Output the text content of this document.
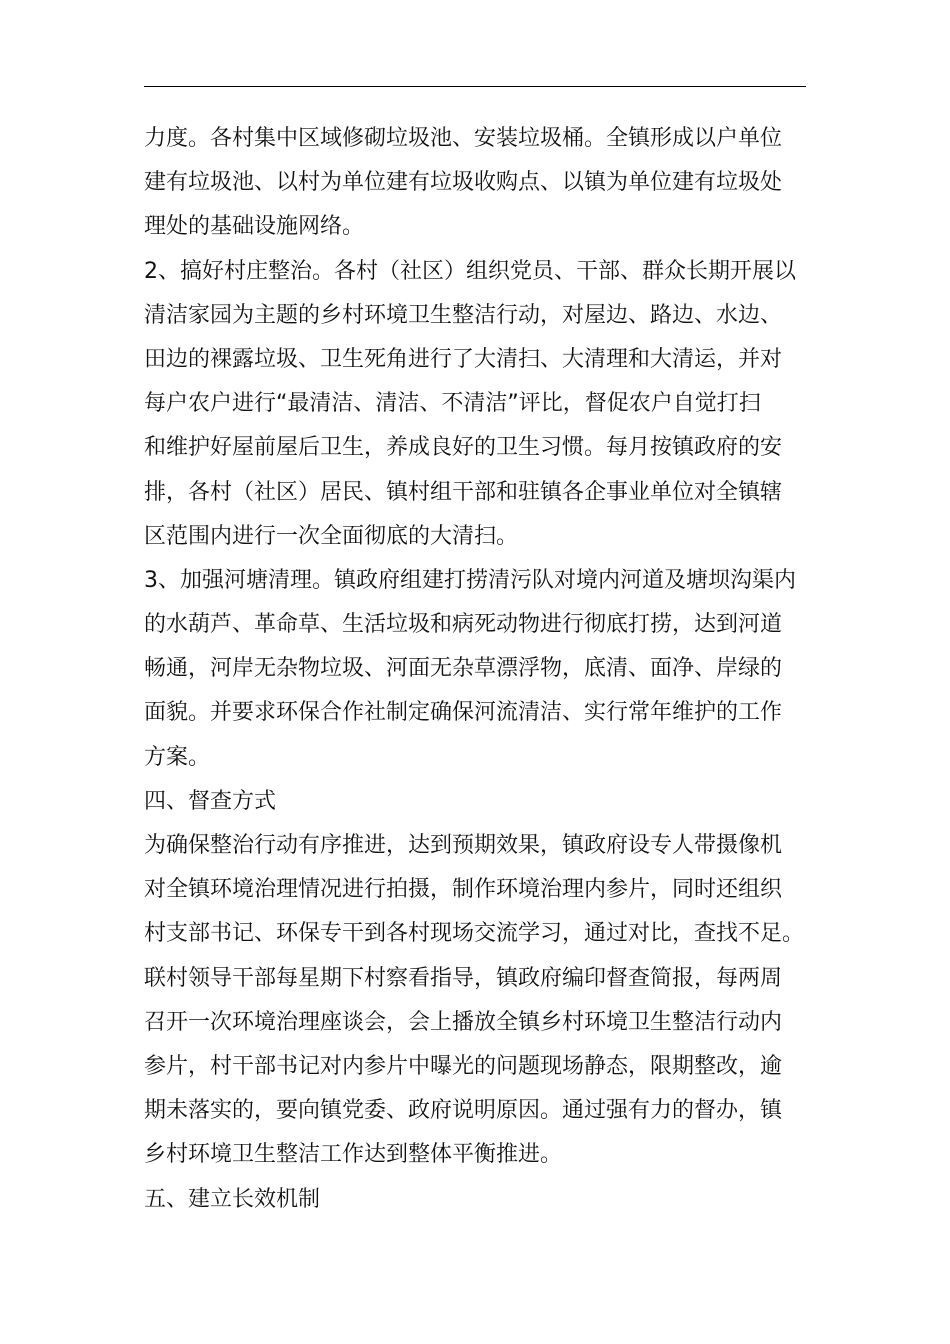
力度。各村集中区域修砌垃圾池、安装垃圾桶。全镇形成以户单位
建有垃圾池、以村为单位建有垃圾收购点、以镇为单位建有垃圾处
理处的基础设施网络。
2、搞好村庄整治。各村（社区）组织党员、干部、群众长期开展以
清洁家园为主题的乡村环境卫生整洁行动，对屋边、路边、水边、
田边的裸露垃圾、卫生死角进行了大清扫、大清理和大清运，并对
每户农户进行“最清洁、清洁、不清洁”评比，督促农户自觉打扫
和维护好屋前屋后卫生，养成良好的卫生习惯。每月按镇政府的安
排，各村（社区）居民、镇村组干部和驻镇各企事业单位对全镇辖
区范围内进行一次全面彻底的大清扫。
3、加强河塘清理。镇政府组建打捞清污队对境内河道及塘坝沟渠内
的水葫芦、革命草、生活垃圾和病死动物进行彻底打捞，达到河道
畅通，河岸无杂物垃圾、河面无杂草漂浮物，底清、面净、岸绿的
面貌。并要求环保合作社制定确保河流清洁、实行常年维护的工作
方案。
四、督查方式
为确保整治行动有序推进，达到预期效果，镇政府设专人带摄像机
对全镇环境治理情况进行拍摄，制作环境治理内参片，同时还组织
村支部书记、环保专干到各村现场交流学习，通过对比，查找不足。
联村领导干部每星期下村察看指导，镇政府编印督查简报，每两周
召开一次环境治理座谈会，会上播放全镇乡村环境卫生整洁行动内
参片，村干部书记对内参片中曝光的问题现场静态，限期整改，逾
期未落实的，要向镇党委、政府说明原因。通过强有力的督办，镇
乡村环境卫生整洁工作达到整体平衡推进。
五、建立长效机制
